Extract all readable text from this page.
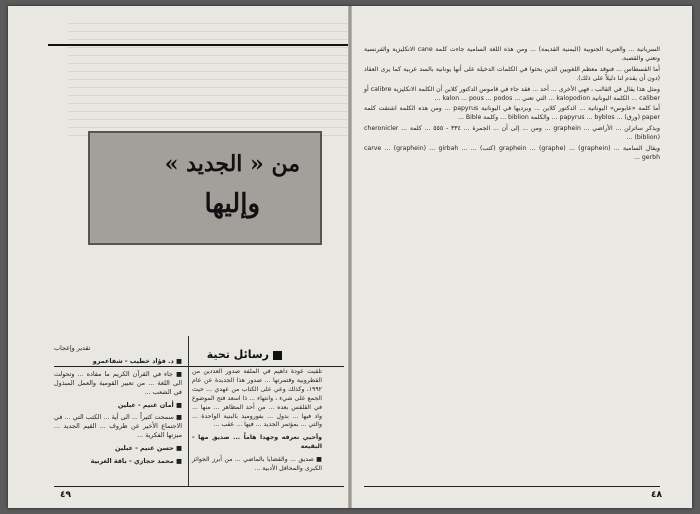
من « الجديد »
وإليها
رسائل تحية

تلقيت عودة داهيم في الملفة صدور العددين من القطروبية وقتمرتها ... صدور هذا الجديدة عن عام ١٩٩٢، وكذلك وعي على الكتاب من عهدي ... حيث الجمع على شيء ، وانتهاء ... ذا اسعد فتح الموضوع في القلقس بعده ... من أحد المظاهر ... منها ... واد فيها ... بدول ... بفوروميد بالبنية الواحدة ... والتي ... بمؤتمر الجديد ... فيها ... عقب ...

وأحيي نعرفه وجهدا هاماً ... صديق مها - البقيعة

■ صديق ... والقضايا بالماضي ... من أبرز الجوائز الكبرى والمحافل الأدبية ...

تقدير وإعجاب

■ د. فؤاد خطيب - شفاعمرو

■ جاء في القرآن الكريم ما مفاده ... وتحولت الى اللغة ... من تعبير القومية والعمل المبذول في الشعب ...

■ أمان غنيم - عبلين

■ سمحت كثيراً ... الى أية ... الكتب التي ... في الاجتماع الأخير عن ظروف ... القيم الجديد ... ميزتها الفكرية ...

■ حسن غنيم - عبلين

■ محمد حجازي - باقة الغربية

٤٩

السريانية ... والعبرية الجنوبية (اليمنية القديمة) ... ومن هذه اللغة السامية جاءت كلمة cane الانكليزية والفرنسية وتعني والقصبة.

أما القسطاس ... فنوقد معظم اللغويين الذين بحثوا في الكلمات الدخيلة على أنها يونانية بالسد عربية كما يرى العقاد (دون أن يقدم لنا دليلاً على ذلك).

ومثل هذا يقال في القالب ، فهي الأخرى ... أحد ... فقد جاء في قاموس الدكتور كلاين أن الكلمة الانكليزية calibre أو caliber ... الكلمة اليونانية kalopodion ... التي تعني ... kalon ... pous ... podos ...

أما كلمة «عابوس» اليونانية ... الدكتور كلاين ... وبرديها في اليونانية papyrus ... ومن هذه الكلمة اشتقت كلمة paper (ورق) ... papyrus ... byblos ... والكلمة biblion ... وكلمة Bible ...

ويذكر ساترلن ... الأراضي ... graphein ... ومن ... إلى أن ... الجمرة ... ٣٣٤ - ٥٥٥ ... كلمة cheronicler ... (biblion) ...

ويقال السامية ... (graphein) ... (graphe) ... graphein (كتب) ... carve ... (graphein) ... girbah ... gerbh ...

٤٨
